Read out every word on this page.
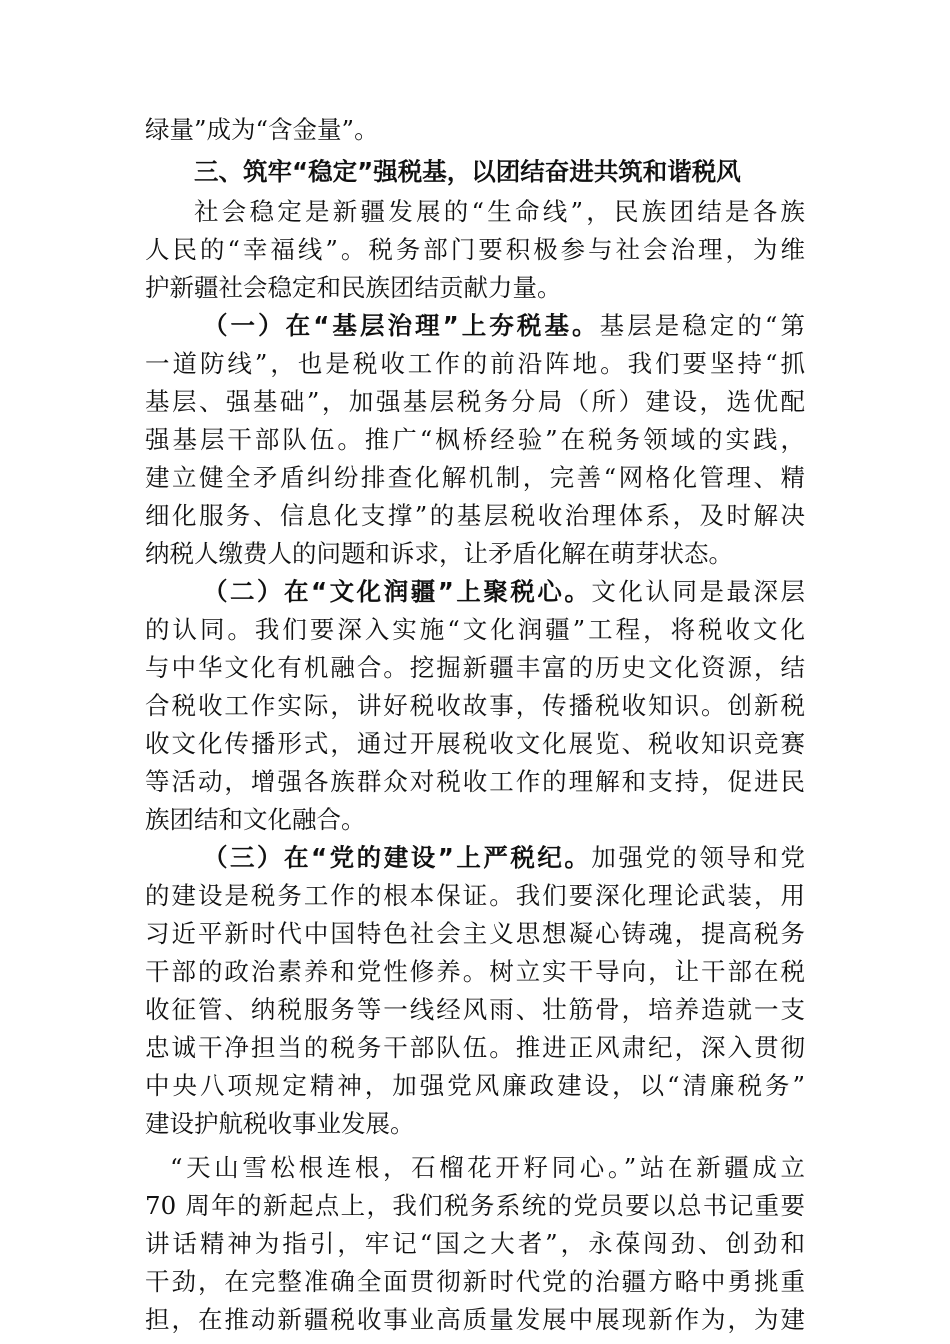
绿量”成为“含金量”。
三、筑牢“稳定”强税基，以团结奋进共筑和谐税风
社会稳定是新疆发展的“生命线”，民族团结是各族
人民的“幸福线”。税务部门要积极参与社会治理，为维
护新疆社会稳定和民族团结贡献力量。
（一）在“基层治理”上夯税基。基层是稳定的“第
一道防线”，也是税收工作的前沿阵地。我们要坚持“抓
基层、强基础”，加强基层税务分局（所）建设，选优配
强基层干部队伍。推广“枫桥经验”在税务领域的实践，
建立健全矛盾纠纷排查化解机制，完善“网格化管理、精
细化服务、信息化支撑”的基层税收治理体系，及时解决
纳税人缴费人的问题和诉求，让矛盾化解在萌芽状态。
（二）在“文化润疆”上聚税心。文化认同是最深层
的认同。我们要深入实施“文化润疆”工程，将税收文化
与中华文化有机融合。挖掘新疆丰富的历史文化资源，结
合税收工作实际，讲好税收故事，传播税收知识。创新税
收文化传播形式，通过开展税收文化展览、税收知识竞赛
等活动，增强各族群众对税收工作的理解和支持，促进民
族团结和文化融合。
（三）在“党的建设”上严税纪。加强党的领导和党
的建设是税务工作的根本保证。我们要深化理论武装，用
习近平新时代中国特色社会主义思想凝心铸魂，提高税务
干部的政治素养和党性修养。树立实干导向，让干部在税
收征管、纳税服务等一线经风雨、壮筋骨，培养造就一支
忠诚干净担当的税务干部队伍。推进正风肃纪，深入贯彻
中央八项规定精神，加强党风廉政建设，以“清廉税务”
建设护航税收事业发展。
“天山雪松根连根，石榴花开籽同心。”站在新疆成立
70 周年的新起点上，我们税务系统的党员要以总书记重要
讲话精神为指引，牢记“国之大者”，永葆闯劲、创劲和
干劲，在完整准确全面贯彻新时代党的治疆方略中勇挑重
担，在推动新疆税收事业高质量发展中展现新作为，为建
